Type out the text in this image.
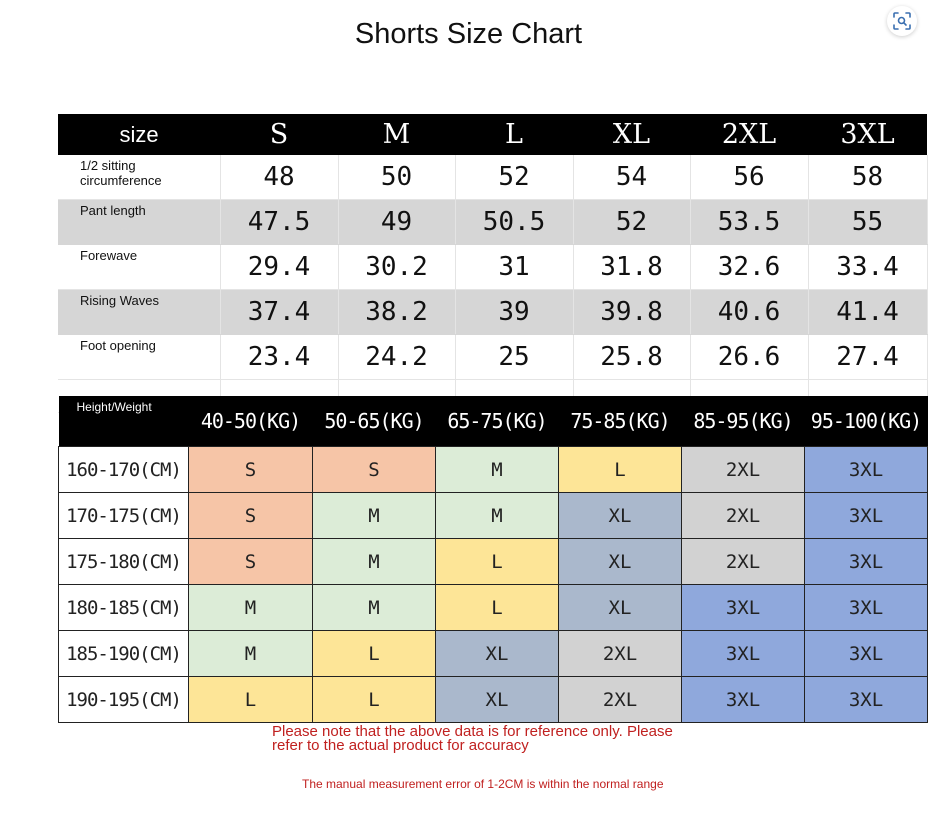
Shorts Size Chart
size	S	M	L	XL	2XL	3XL
1/2 sitting circumference	48	50	52	54	56	58
Pant length	47.5	49	50.5	52	53.5	55
Forewave	29.4	30.2	31	31.8	32.6	33.4
Rising Waves	37.4	38.2	39	39.8	40.6	41.4
Foot opening	23.4	24.2	25	25.8	26.6	27.4

Height/Weight	40-50(KG)	50-65(KG)	65-75(KG)	75-85(KG)	85-95(KG)	95-100(KG)
160-170(CM)	S	S	M	L	2XL	3XL
170-175(CM)	S	M	M	XL	2XL	3XL
175-180(CM)	S	M	L	XL	2XL	3XL
180-185(CM)	M	M	L	XL	3XL	3XL
185-190(CM)	M	L	XL	2XL	3XL	3XL
190-195(CM)	L	L	XL	2XL	3XL	3XL
Please note that the above data is for reference only. Please refer to the actual product for accuracy
The manual measurement error of 1-2CM is within the normal range
